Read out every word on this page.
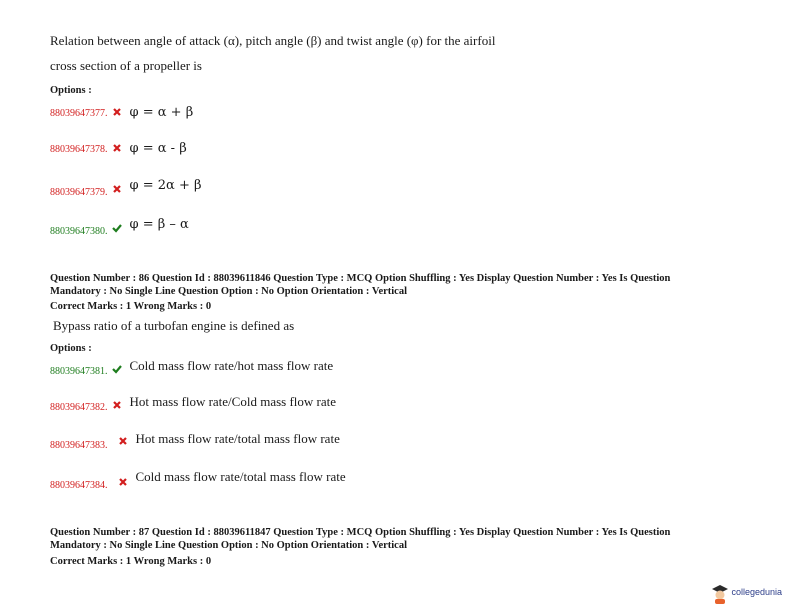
Relation between angle of attack (α), pitch angle (β) and twist angle (φ) for the airfoil
cross section of a propeller is
Options :
88039647377. φ = α + β
88039647378. φ = α - β
$_{88039647379.}$ φ = 2α + β
$_{88039647380.}$ φ = β – α
Question Number : 86 Question Id : 88039611846 Question Type : MCQ Option Shuffling : Yes Display Question Number : Yes Is Question
Mandatory : No Single Line Question Option : No Option Orientation : Vertical
Correct Marks : 1 Wrong Marks : 0
Bypass ratio of a turbofan engine is defined as
Options :
$_{88039647381.}$ Cold mass flow rate/hot mass flow rate
$_{88039647382.}$ Hot mass flow rate/Cold mass flow rate
$_{88039647383.}$ Hot mass flow rate/total mass flow rate
$_{88039647384.}$  Cold mass flow rate/total mass flow rate
Question Number : 87 Question Id : 88039611847 Question Type : MCQ Option Shuffling : Yes Display Question Number : Yes Is Question
Mandatory : No Single Line Question Option : No Option Orientation : Vertical
Correct Marks : 1 Wrong Marks : 0
collegedunia
